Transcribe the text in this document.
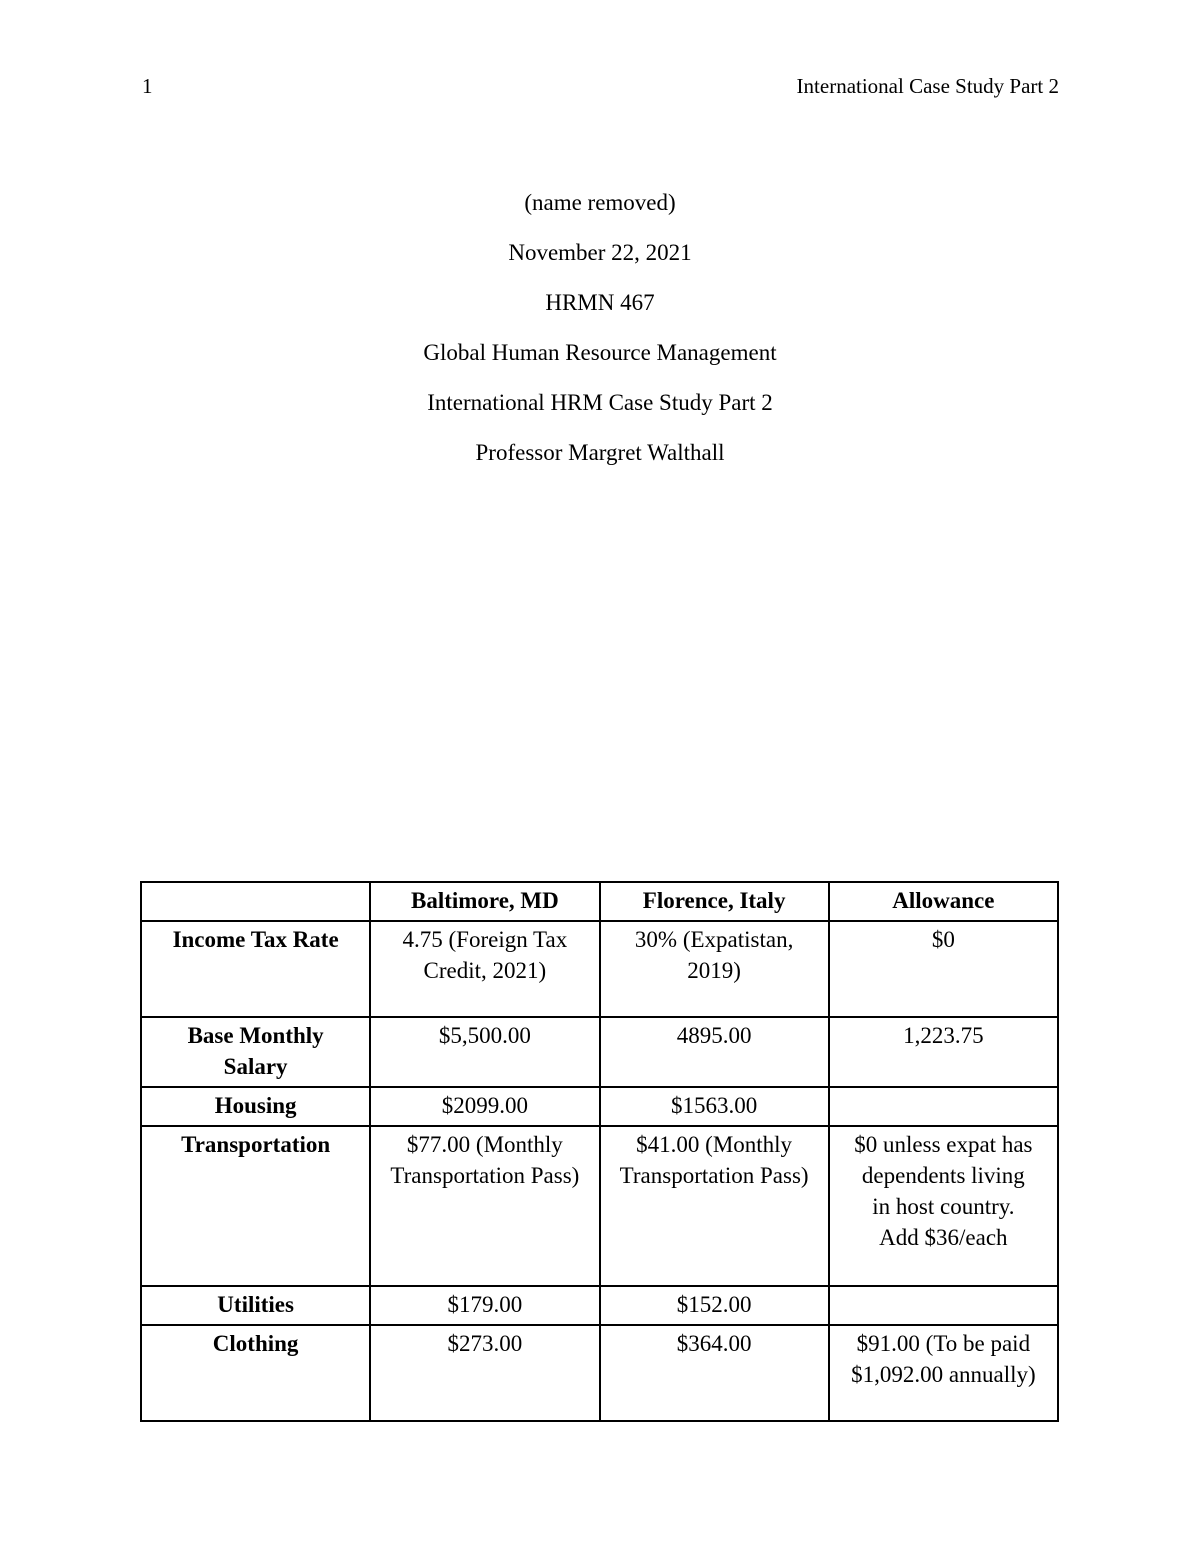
1	International Case Study Part 2
(name removed)
November 22, 2021
HRMN 467
Global Human Resource Management
International HRM Case Study Part 2
Professor Margret Walthall
	Baltimore, MD	Florence, Italy	Allowance
Income Tax Rate	4.75 (Foreign Tax Credit, 2021)	30% (Expatistan, 2019)	$0
Base Monthly Salary	$5,500.00	4895.00	1,223.75
Housing	$2099.00	$1563.00	
Transportation	$77.00 (Monthly Transportation Pass)	$41.00 (Monthly Transportation Pass)	$0 unless expat has dependents living in host country. Add $36/each
Utilities	$179.00	$152.00	
Clothing	$273.00	$364.00	$91.00 (To be paid $1,092.00 annually)
